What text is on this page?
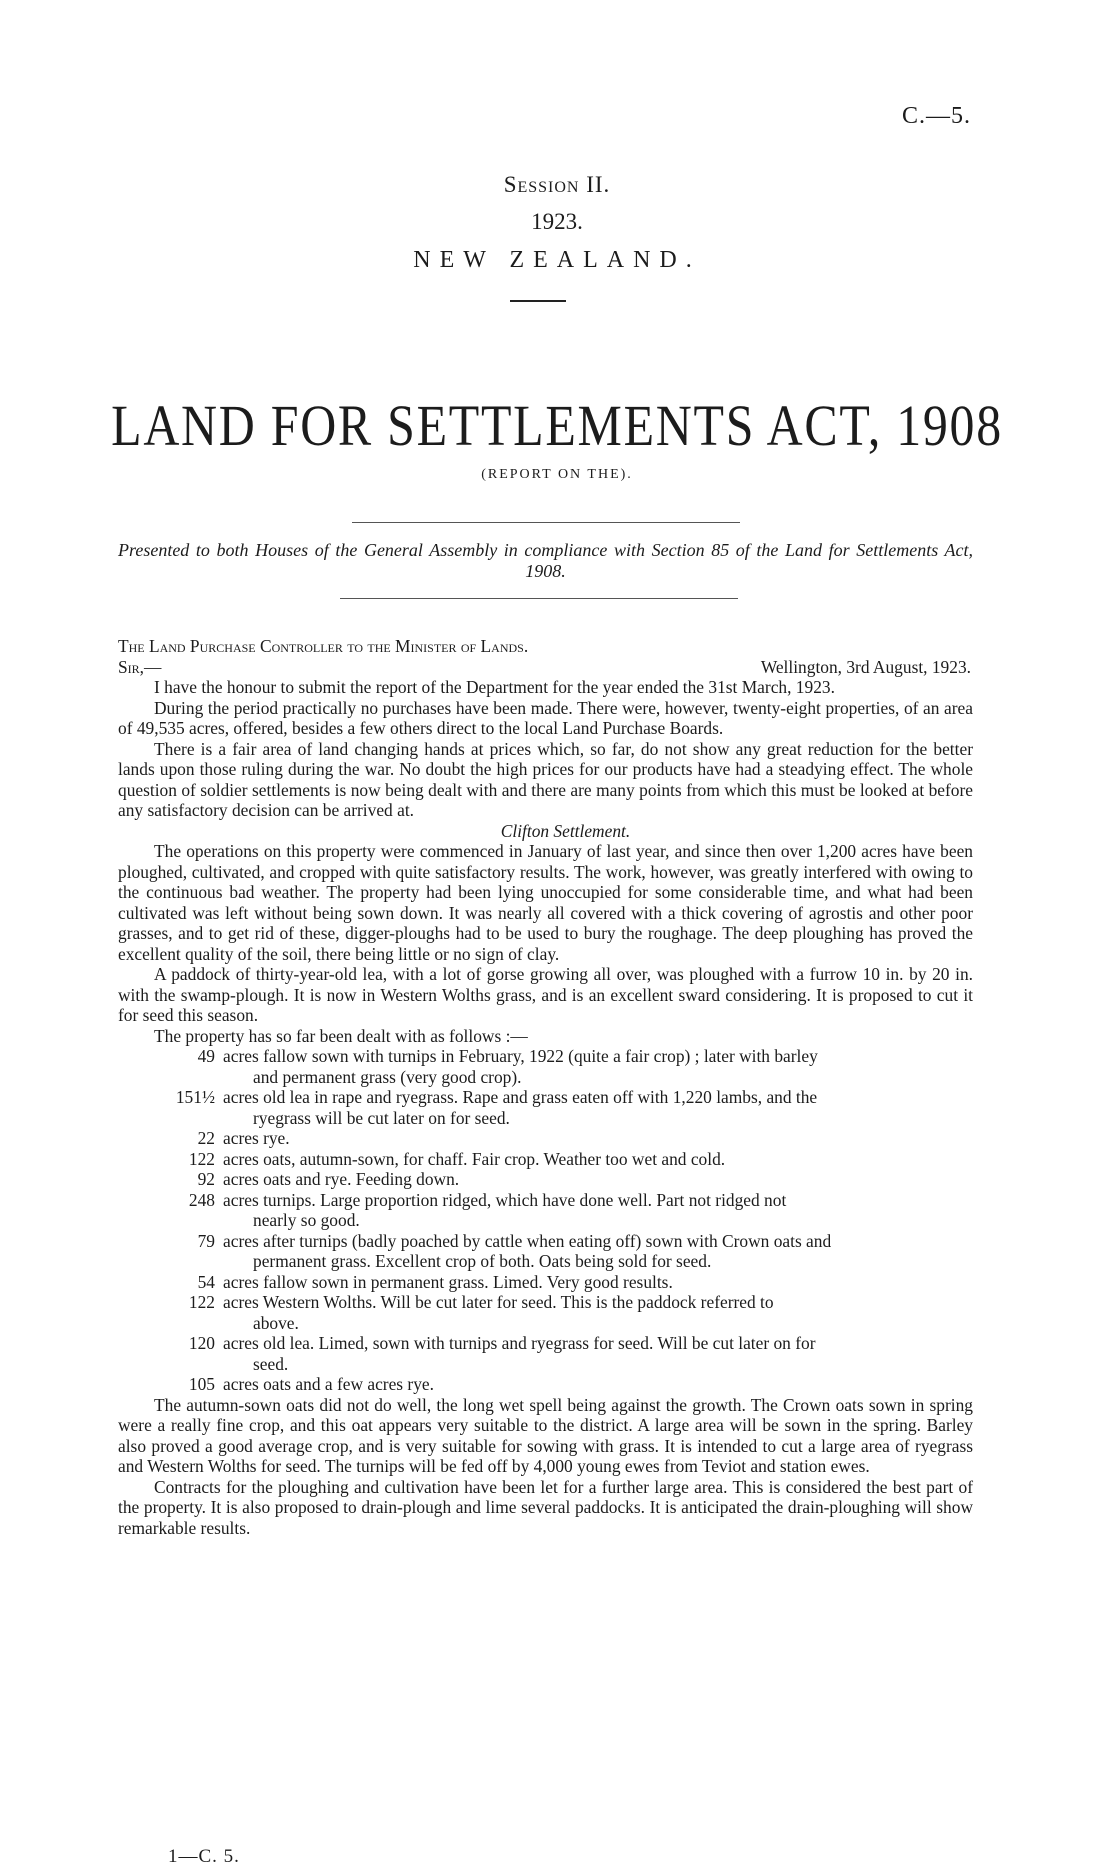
C.—5.
Session II.
1923.
NEW ZEALAND.
LAND FOR SETTLEMENTS ACT, 1908
(REPORT ON THE).
Presented to both Houses of the General Assembly in compliance with Section 85 of the Land for Settlements Act, 1908.

The Land Purchase Controller to the Minister of Lands.

Sir,—	Wellington, 3rd August, 1923.

I have the honour to submit the report of the Department for the year ended the 31st March, 1923.

During the period practically no purchases have been made. There were, however, twenty-eight properties, of an area of 49,535 acres, offered, besides a few others direct to the local Land Purchase Boards.

There is a fair area of land changing hands at prices which, so far, do not show any great reduction for the better lands upon those ruling during the war. No doubt the high prices for our products have had a steadying effect. The whole question of soldier settlements is now being dealt with and there are many points from which this must be looked at before any satisfactory decision can be arrived at.

Clifton Settlement.

The operations on this property were commenced in January of last year, and since then over 1,200 acres have been ploughed, cultivated, and cropped with quite satisfactory results. The work, however, was greatly interfered with owing to the continuous bad weather. The property had been lying unoccupied for some considerable time, and what had been cultivated was left without being sown down. It was nearly all covered with a thick covering of agrostis and other poor grasses, and to get rid of these, digger-ploughs had to be used to bury the roughage. The deep ploughing has proved the excellent quality of the soil, there being little or no sign of clay.

A paddock of thirty-year-old lea, with a lot of gorse growing all over, was ploughed with a furrow 10 in. by 20 in. with the swamp-plough. It is now in Western Wolths grass, and is an excellent sward considering. It is proposed to cut it for seed this season.

The property has so far been dealt with as follows :—

49 acres fallow sown with turnips in February, 1922 (quite a fair crop) ; later with barley
and permanent grass (very good crop).
151½ acres old lea in rape and ryegrass. Rape and grass eaten off with 1,220 lambs, and the
ryegrass will be cut later on for seed.
22 acres rye.
122 acres oats, autumn-sown, for chaff. Fair crop. Weather too wet and cold.
92 acres oats and rye. Feeding down.
248 acres turnips. Large proportion ridged, which have done well. Part not ridged not
nearly so good.
79 acres after turnips (badly poached by cattle when eating off) sown with Crown oats and
permanent grass. Excellent crop of both. Oats being sold for seed.
54 acres fallow sown in permanent grass. Limed. Very good results.
122 acres Western Wolths. Will be cut later for seed. This is the paddock referred to
above.
120 acres old lea. Limed, sown with turnips and ryegrass for seed. Will be cut later on for
seed.
105 acres oats and a few acres rye.

The autumn-sown oats did not do well, the long wet spell being against the growth. The Crown oats sown in spring were a really fine crop, and this oat appears very suitable to the district. A large area will be sown in the spring. Barley also proved a good average crop, and is very suitable for sowing with grass. It is intended to cut a large area of ryegrass and Western Wolths for seed. The turnips will be fed off by 4,000 young ewes from Teviot and station ewes.

Contracts for the ploughing and cultivation have been let for a further large area. This is considered the best part of the property. It is also proposed to drain-plough and lime several paddocks. It is anticipated the drain-ploughing will show remarkable results.

1—C. 5.
